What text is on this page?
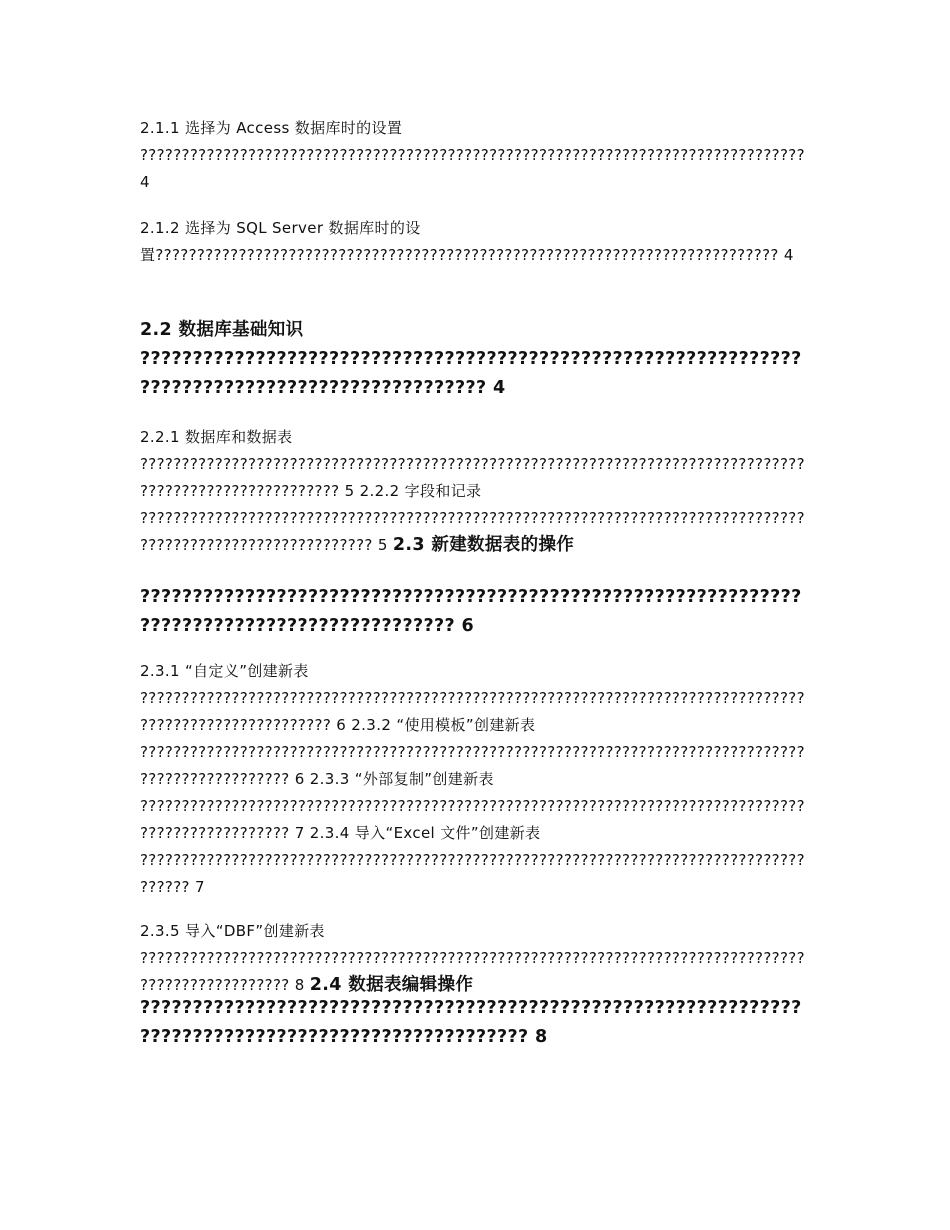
2.1.1 选择为 Access 数据库时的设置 ???????????????????????????????????????????????????????????????????????????????? 4

2.1.2 选择为 SQL Server 数据库时的设置??????????????????????????????????????????????????????????????????????????? 4

2.2 数据库基础知识 ???????????????????????????????????????????????????????????????????????????????????????????????? 4

2.2.1 数据库和数据表 ???????????????????????????????????????????????????????????????????????????????????????????????????????? 5 2.2.2 字段和记录 ???????????????????????????????????????????????????????????????????????????????????????????????????????????? 5 2.3 新建数据表的操作

????????????????????????????????????????????????????????????????????????????????????????????? 6

2.3.1 “自定义”创建新表 ??????????????????????????????????????????????????????????????????????????????????????????????????????? 6 2.3.2 “使用模板”创建新表 ?????????????????????????????????????????????????????????????????????????????????????????????????? 6 2.3.3 “外部复制”创建新表 ?????????????????????????????????????????????????????????????????????????????????????????????????? 7 2.3.4 导入“Excel 文件”创建新表 ?????????????????????????????????????????????????????????????????????????????????????? 7

2.3.5 导入“DBF”创建新表 ?????????????????????????????????????????????????????????????????????????????????????????????????? 8 2.4 数据表编辑操作

???????????????????????????????????????????????????????????????????????????????????????????????????? 8
